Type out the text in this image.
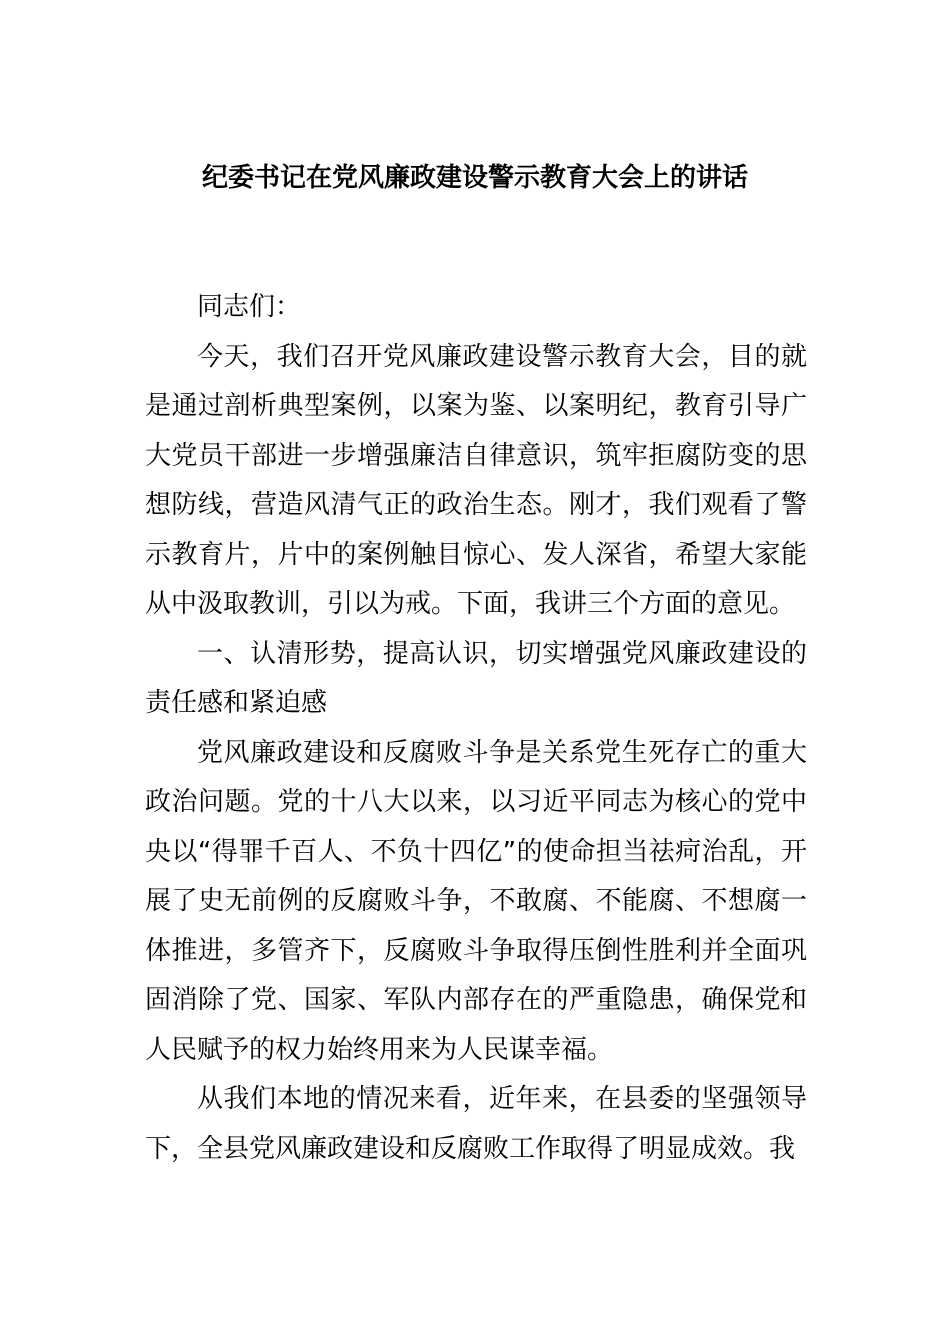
纪委书记在党风廉政建设警示教育大会上的讲话

同志们：

今天，我们召开党风廉政建设警示教育大会，目的就是通过剖析典型案例，以案为鉴、以案明纪，教育引导广大党员干部进一步增强廉洁自律意识，筑牢拒腐防变的思想防线，营造风清气正的政治生态。刚才，我们观看了警示教育片，片中的案例触目惊心、发人深省，希望大家能从中汲取教训，引以为戒。下面，我讲三个方面的意见。

一、认清形势，提高认识，切实增强党风廉政建设的责任感和紧迫感

党风廉政建设和反腐败斗争是关系党生死存亡的重大政治问题。党的十八大以来，以习近平同志为核心的党中央以“得罪千百人、不负十四亿”的使命担当祛疴治乱，开展了史无前例的反腐败斗争，不敢腐、不能腐、不想腐一体推进，多管齐下，反腐败斗争取得压倒性胜利并全面巩固消除了党、国家、军队内部存在的严重隐患，确保党和人民赋予的权力始终用来为人民谋幸福。

从我们本地的情况来看，近年来，在县委的坚强领导下，全县党风廉政建设和反腐败工作取得了明显成效。我
